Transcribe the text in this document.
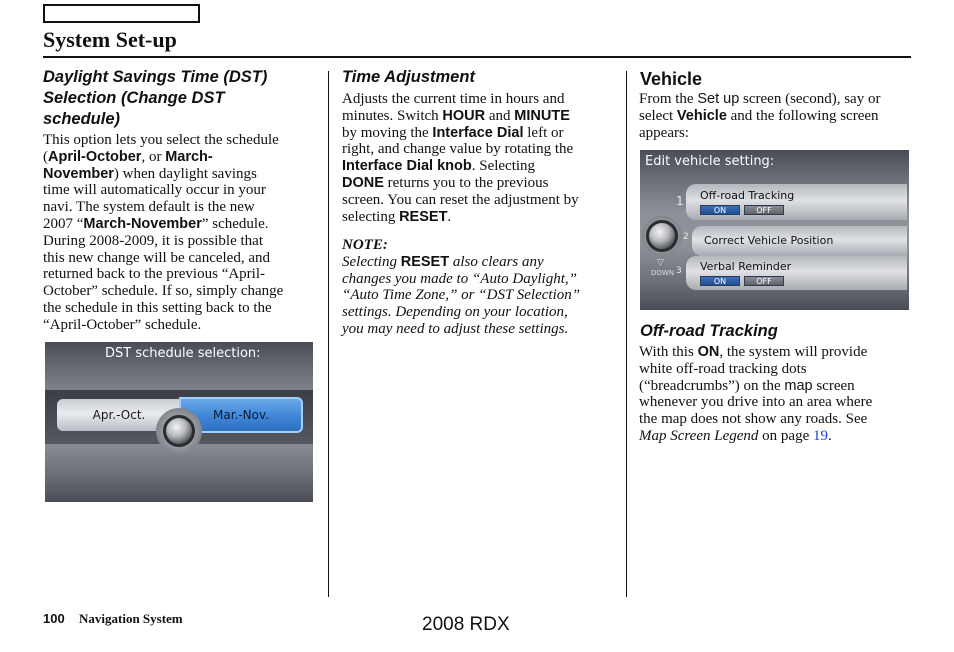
System Set-up
Daylight Savings Time (DST)
Selection (Change DST
schedule)
This option lets you select the schedule
(April-October, or March-
November) when daylight savings
time will automatically occur in your
navi. The system default is the new
2007 “March-November” schedule.
During 2008-2009, it is possible that
this new change will be canceled, and
returned back to the previous “April-
October” schedule. If so, simply change
the schedule in this setting back to the
“April-October” schedule.
DST schedule selection:
Apr.-Oct.	Mar.-Nov.
Time Adjustment
Adjusts the current time in hours and
minutes. Switch HOUR and MINUTE
by moving the Interface Dial left or
right, and change value by rotating the
Interface Dial knob. Selecting
DONE returns you to the previous
screen. You can reset the adjustment by
selecting RESET.
NOTE:
Selecting RESET also clears any
changes you made to “Auto Daylight,”
“Auto Time Zone,” or “DST Selection”
settings. Depending on your location,
you may need to adjust these settings.
Vehicle
From the Set up screen (second), say or
select Vehicle and the following screen
appears:
Edit vehicle setting:
Off-road Tracking
ON	OFF
1
Correct Vehicle Position
2
Verbal Reminder
ON	OFF
3
▽
DOWN
Off-road Tracking
With this ON, the system will provide
white off-road tracking dots
(“breadcrumbs”) on the map screen
whenever you drive into an area where
the map does not show any roads. See
Map Screen Legend on page 19.
100 Navigation System	2008 RDX
